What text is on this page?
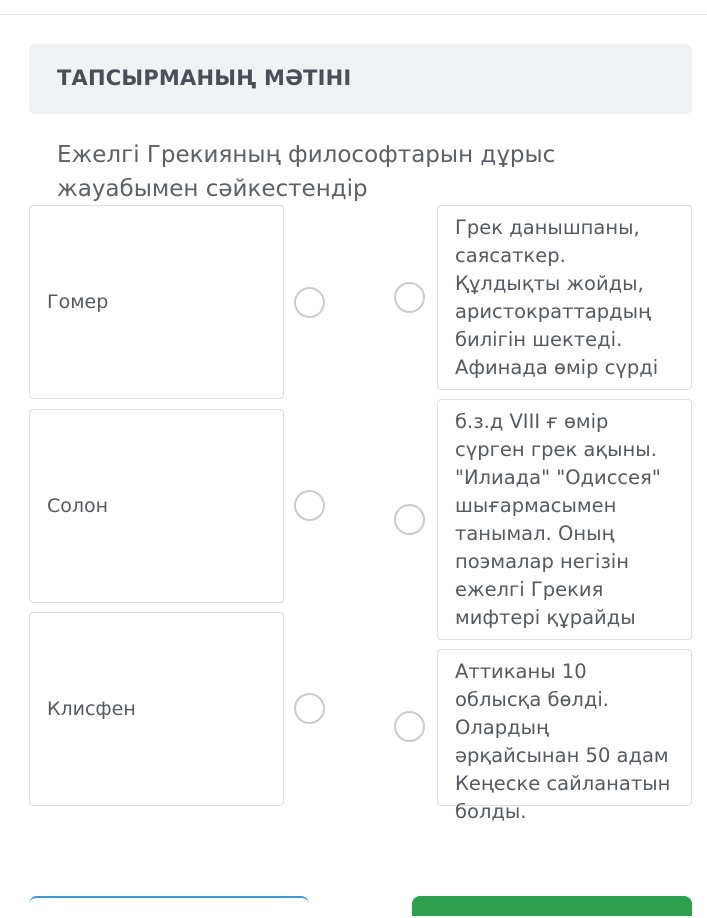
ТАПСЫРМАНЫҢ МӘТІНІ
Ежелгі Грекияның философтарын дұрыс жауабымен сәйкестендір
Гомер
Солон
Клисфен
Грек данышпаны, саясаткер. Құлдықты жойды, аристократтардың билігін шектеді. Афинада өмір сүрді
б.з.д VIII ғ өмір сүрген грек ақыны. "Илиада" "Одиссея" шығармасымен танымал. Оның поэмалар негізін ежелгі Грекия мифтері құрайды
Аттиканы 10 облысқа бөлді. Олардың әрқайсынан 50 адам Кеңеске сайланатын болды.
